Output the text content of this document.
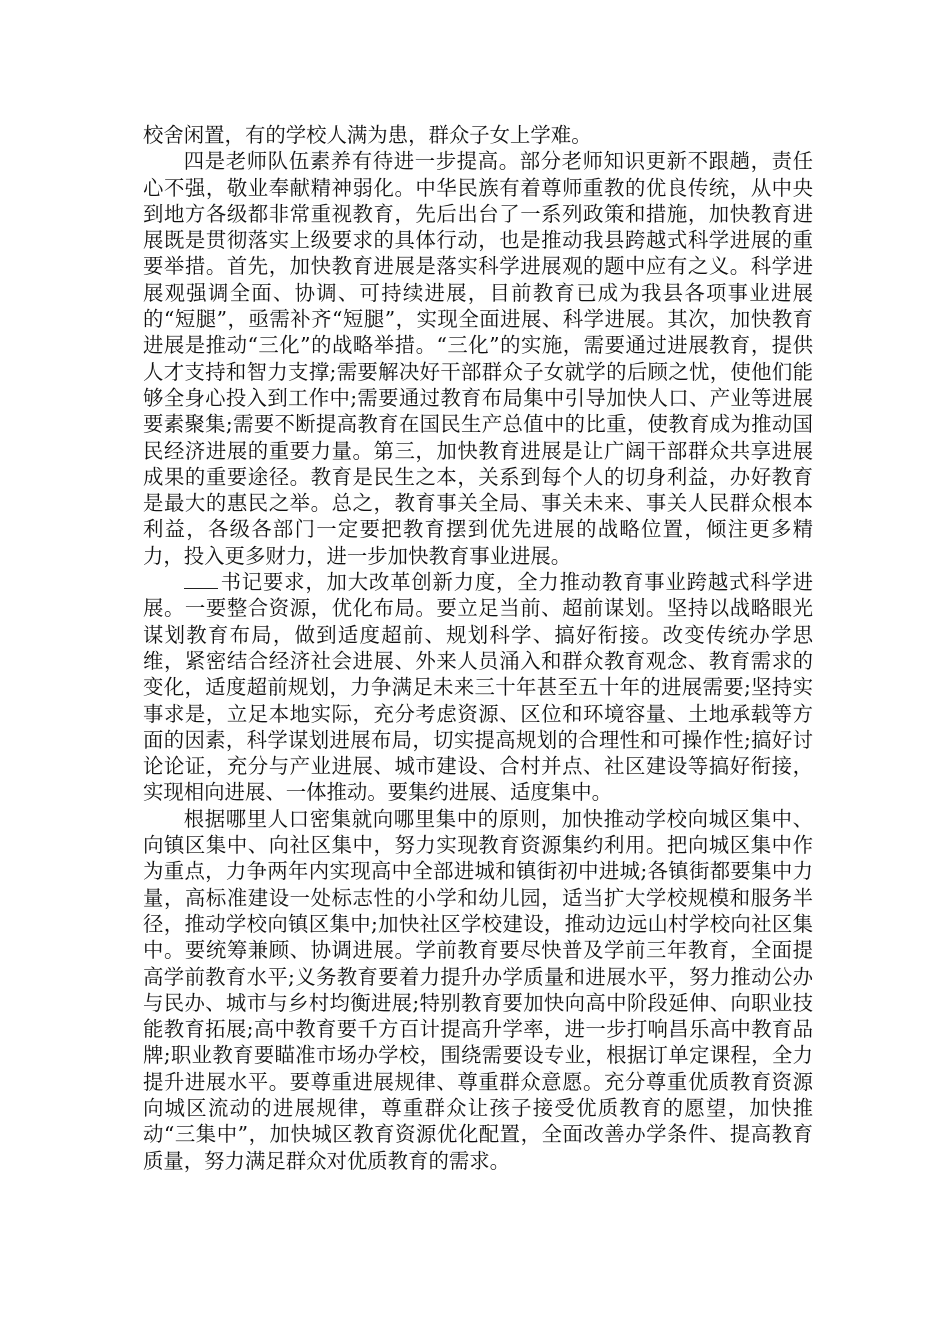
校舍闲置，有的学校人满为患，群众子女上学难。

四是老师队伍素养有待进一步提高。部分老师知识更新不跟趟，责任心不强，敬业奉献精神弱化。中华民族有着尊师重教的优良传统，从中央到地方各级都非常重视教育，先后出台了一系列政策和措施，加快教育进展既是贯彻落实上级要求的具体行动，也是推动我县跨越式科学进展的重要举措。首先，加快教育进展是落实科学进展观的题中应有之义。科学进展观强调全面、协调、可持续进展，目前教育已成为我县各项事业进展的“短腿”，亟需补齐“短腿”，实现全面进展、科学进展。其次，加快教育进展是推动“三化”的战略举措。“三化”的实施，需要通过进展教育，提供人才支持和智力支撑;需要解决好干部群众子女就学的后顾之忧，使他们能够全身心投入到工作中;需要通过教育布局集中引导加快人口、产业等进展要素聚集;需要不断提高教育在国民生产总值中的比重，使教育成为推动国民经济进展的重要力量。第三，加快教育进展是让广阔干部群众共享进展成果的重要途径。教育是民生之本，关系到每个人的切身利益，办好教育是最大的惠民之举。总之，教育事关全局、事关未来、事关人民群众根本利益，各级各部门一定要把教育摆到优先进展的战略位置，倾注更多精力，投入更多财力，进一步加快教育事业进展。

书记要求，加大改革创新力度，全力推动教育事业跨越式科学进展。一要整合资源，优化布局。要立足当前、超前谋划。坚持以战略眼光谋划教育布局，做到适度超前、规划科学、搞好衔接。改变传统办学思维，紧密结合经济社会进展、外来人员涌入和群众教育观念、教育需求的变化，适度超前规划，力争满足未来三十年甚至五十年的进展需要;坚持实事求是，立足本地实际，充分考虑资源、区位和环境容量、土地承载等方面的因素，科学谋划进展布局，切实提高规划的合理性和可操作性;搞好讨论论证，充分与产业进展、城市建设、合村并点、社区建设等搞好衔接，实现相向进展、一体推动。要集约进展、适度集中。

根据哪里人口密集就向哪里集中的原则，加快推动学校向城区集中、向镇区集中、向社区集中，努力实现教育资源集约利用。把向城区集中作为重点，力争两年内实现高中全部进城和镇街初中进城;各镇街都要集中力量，高标准建设一处标志性的小学和幼儿园，适当扩大学校规模和服务半径，推动学校向镇区集中;加快社区学校建设，推动边远山村学校向社区集中。要统筹兼顾、协调进展。学前教育要尽快普及学前三年教育，全面提高学前教育水平;义务教育要着力提升办学质量和进展水平，努力推动公办与民办、城市与乡村均衡进展;特别教育要加快向高中阶段延伸、向职业技能教育拓展;高中教育要千方百计提高升学率，进一步打响昌乐高中教育品牌;职业教育要瞄准市场办学校，围绕需要设专业，根据订单定课程，全力提升进展水平。要尊重进展规律、尊重群众意愿。充分尊重优质教育资源向城区流动的进展规律，尊重群众让孩子接受优质教育的愿望，加快推动“三集中”，加快城区教育资源优化配置，全面改善办学条件、提高教育质量，努力满足群众对优质教育的需求。
